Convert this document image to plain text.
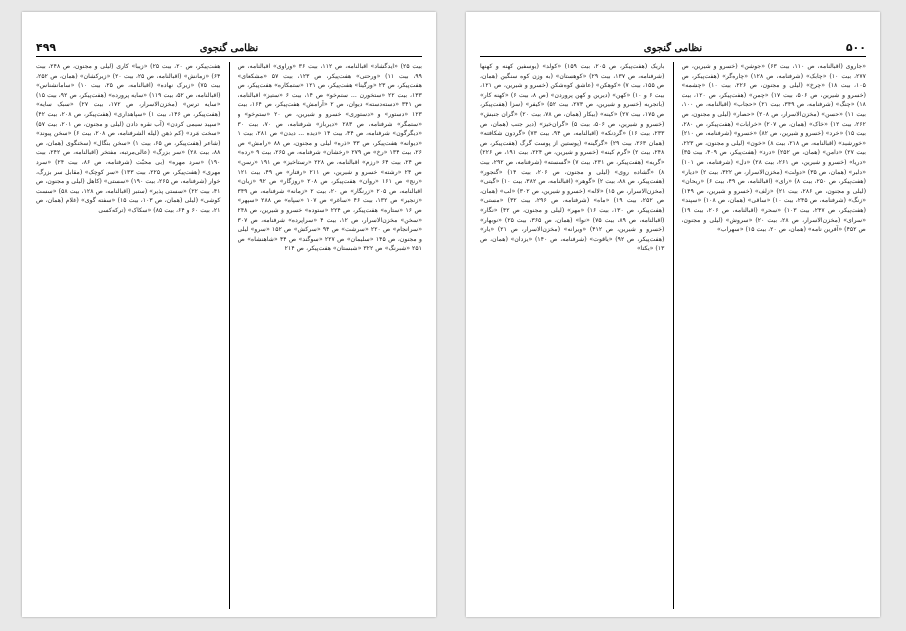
۴۹۹	نظامی گنجوی
بیت ۲۵) «ایدگشاد» اقبالنامه، ص ۱۱۲، بیت ۳۶ «وراوی» اقبالنامه، ص ۹۹، بیت ۱۱) «ورحتی» هفت‌پیکر، ص ۱۲۳، بیت ۵۷ «مشکعای» هفت‌پیکر، ص ۲۳ «ورگینا» هفت‌پیکر، ص ۱۲۱ «ستمکاره» هفت‌پیکر، ص ۱۳۳، بیت ۲۲ «ستخورن ... ستم‌خو» ص ۱۴، بیت ۶ «ستیز» اقبالنامه، ص ۳۴۱ «دسته‌دسته» دیوان، ص ۲ «آرامش» هفت‌پیکر، ص ۱۶۴، بیت ۱۲۳ «دستور» و «دستوری» خسرو و شیرین، ص ۲۰ «ستم‌خو» و «ستمگر» شرفنامه، ص ۲۸۳ «دیرباز» شرفنامه، ص ۷۰، بیت ۳۰ «دیگرگون» شرفنامه، ص ۴۴، بیت ۱۴ «دیده ... دیدن» ص ۲۸۱، بیت ۱ «دیوانه» هفت‌پیکر، ص ۳۳ «ذره» لیلی و مجنون، ص ۸۸ «رامش» ص ۲۶، بیت ۱۳۴ «رخ» ص ۲۷۹ «رخشان» شرفنامه، ص ۲۶۵، بیت ۹ «رده» ص ۲۴، بیت ۶۴ «رزم» اقبالنامه، ص ۲۲۸ «رستاخیز» ص ۱۹۱ «رسن» ص ۲۴ «رشته» خسرو و شیرین، ص ۲۱۱ «رفتار» ص ۴۹، بیت ۱۲۱ «رنج» ص ۱۶۱ «روان» هفت‌پیکر، ص ۲۰۸ «روزگار» ص ۹۲ «زبان» اقبالنامه، ص ۲۰۵ «زرنگار» ص ۲۰، بیت ۲ «زمانه» شرفنامه، ص ۳۴۹ «زنجیر» ص ۱۳۲، بیت ۴۶ «ساغر» ص ۱۰۷ «سپاه» ص ۲۸۸ «سپهر» ص ۱۶ «ستاره» هفت‌پیکر، ص ۲۲۴ «ستوده» خسرو و شیرین، ص ۲۴۸ «سخن» مخزن‌الاسرار، ص ۱۲، بیت ۴ «سراپرده» شرفنامه، ص ۳۰۷ «سرانجام» ص ۲۲۰ «سرشت» ص ۹۴ «سرکش» ص ۱۵۲ «سرو» لیلی و مجنون، ص ۱۴۵ «سلیمان» ص ۲۲۷ «سوگند» ص ۴۴ «شاهنشاه» ص ۲۵۱ «شبرنگ» ص ۳۲۲ «شبستان» هفت‌پیکر، ص ۲۱۴
هفت‌پیکر، ص ۲۰، بیت ۲۵) «زیبا» کاری (لیلی و مجنون، ص ۲۴۸، بیت ۶۴) «زمانش» (اقبالنامه، ص ۲۵، بیت ۲۰) «زیرکشان» (همان، ص ۲۵۲، بیت ۷۵) «زیرک نهاده» (اقبالنامه، ص ۲۵، بیت ۱۰) «سامانشناس» (اقبالنامه، ص ۵۲، بیت ۱۱۹) «سایه پرورده» (هفت‌پیکر، ص ۹۲، بیت ۱۵) «سایه ترس» (مخزن‌الاسرار، ص ۱۷۲، بیت ۲۷) «سبک سایه» (هفت‌پیکر، ص ۱۴۶، بیت ۱) «سپاهداری» (هفت‌پیکر، ص ۲۰۸، بیت ۴۲) «سپید سیمی کردن» (آب نقره دادن (لیلی و مجنون، ص ۲۰۱، بیت ۵۷) «سخت مَرد» (کم ذهن (لیله الشرفنامه، ص ۲۰۸، بیت ۶) «سخن پیوند» (شاعر (هفت‌پیکر، ص ۶۵، بیت ۱) «سخن بنگال» (سخنگوی (همان، ص ۸۸، بیت ۲۸) «سر بزرگ» (عالی‌مرتبه، مفتخر (اقبالنامه، ص ۲۴۲، بیت ۱۹۰) «سرد مهره» (بی‌ محبّت (شرفنامه، ص ۸۶، بیت ۲۴) «سرد مهری» (هفت‌پیکر، ص ۲۲۵، بیت ۱۳۳) «سر کوچک» (مقابل سر بزرگ، خوار (شرفنامه، ص ۲۶۵، بیت ۱۹۰) «سستی» (کاهل (لیلی و مجنون، ص ۴۱، بیت ۲۲) «سستی پذیر» (ستبر (اقبالنامه، ص ۱۲۸، بیت ۵۸) «سست کوشی» (لیلی (همان، ص ۱۰۳، بیت ۱۵) «سفته گوی» (غلام (همان، ص ۲۱، بیت ۶۰ و ۶۴، بیت ۸۵) «سکاک» (ترکه‌کسی
۵۰۰
نظامی گنجوی
«جاروی (اقبالنامه، ص ۱۱۰، بیت ۶۳) «جوشن» (خسرو و شیرین، ص ۲۷۷، بیت ۱۰) «چابک» (شرفنامه، ص ۱۲۸) «چاره‌گر» (هفت‌پیکر، ص ۱۰۵، بیت ۱۸) «چرخ» (لیلی و مجنون، ص ۲۲۶، بیت ۱۰) «چشمه» (خسرو و شیرین، ص ۵۰۶، بیت ۱۷) «چمن» (هفت‌پیکر، ص ۱۲۰، بیت ۱۸) «چنگ» (شرفنامه، ص ۳۴۹، بیت ۲۱) «حجاب» (اقبالنامه، ص ۱۰۰، بیت ۱۱) «حسن» (مخزن‌الاسرار، ص ۲۰۸) «حصار» (لیلی و مجنون، ص ۲۶۲، بیت ۱۲) «خاک» (همان، ص ۲۰۷) «خرابات» (هفت‌پیکر، ص ۲۸۰، بیت ۱۵) «خرد» (خسرو و شیرین، ص ۸۲) «خسرو» (شرفنامه، ص ۲۱۰) «خورشید» (اقبالنامه، ص ۲۱۸، بیت ۸) «خون» (لیلی و مجنون، ص ۲۲۳، بیت ۲۷) «دامن» (همان، ص ۲۵۲) «درد» (هفت‌پیکر، ص ۴۰۹، بیت ۳۵) «دریا» (خسرو و شیرین، ص ۲۶۱، بیت ۲۸) «دل» (شرفنامه، ص ۱۰۱) «دلبر» (همان، ص ۳۵) «دولت» (مخزن‌الاسرار، ص ۳۲۲، بیت ۲) «دیار» (هفت‌پیکر، ص ۲۵۰، بیت ۸) «رای» (اقبالنامه، ص ۴۹، بیت ۶) «ریحان» (لیلی و مجنون، ص ۲۸۶، بیت ۲۱) «زلف» (خسرو و شیرین، ص ۱۴۹) «زنگ» (شرفنامه، ص ۲۴۵، بیت ۱۰) «ساقی» (همان، ص ۱۰۸) «سپند» (هفت‌پیکر، ص ۲۴۷، بیت ۱۰۳) «سحر» (اقبالنامه، ص ۲۰۶، بیت ۱۹) «سرای» (مخزن‌الاسرار، ص ۲۸، بیت ۲۰) «سروش» (لیلی و مجنون، ص ۴۵۲) «آفرین نامه» (همان، ص ۲۰، بیت ۱۵) «سهراب»
باریک (هفت‌پیکر، ص ۲۰۵، بیت ۱۵۹) «کولد» (یوسفین کهنه و کهنها (شرفنامه، ص ۱۳۷، بیت ۲۹) «کوهستان» (به وزن کوه سنگین (همان، ص ۱۵۵، بیت ۷) «کوهکن» (عاشق کوه‌شکن (خسرو و شیرین، ص ۱۲۱، بیت ۶ و ۱۰) «کهن» (دیرین و کهن پروردن» (ص ۸، بیت ۶) «کهنه کار» (باتجربه (خسرو و شیرین، ص ۲۷۳، بیت ۵۲) «کیفر» (سزا (هفت‌پیکر، ص ۱۷۵، بیت ۲۷) «کینه» (بیکار (همان، ص ۷۸، بیت ۲۰) «گران جنبش» (خسرو و شیرین، ص ۵۰۶، بیت ۵) «گران‌خیز» (دیر جنب (همان، ص ۲۳۳، بیت ۱۶) «گردنکه» (اقبالنامه، ص ۹۴، بیت ۷۳) «گردون شکافته» (همان ۲۶۳، بیت ۲۹) «گرگینه» (پوستین از پوست گرگ (هفت‌پیکر، ص ۲۴۸، بیت ۲) «گرم کینه» (خسرو و شیرین، ص ۲۲۴، بیت ۱۹۱، ص ۲۲۶) «گریه» (هفت‌پیکر، ص ۲۳۱، بیت ۷) «گسسته» (شرفنامه، ص ۲۹۲، بیت ۸) «گشاده روی» (لیلی و مجنون، ص ۲۰۶، بیت ۱۴) «گنجور» (هفت‌پیکر، ص ۸۸، بیت ۲) «گوهر» (اقبالنامه، ص ۳۸۲، بیت ۱۰) «گیتی» (مخزن‌الاسرار، ص ۱۵) «لاله» (خسرو و شیرین، ص ۳۰۲) «لب» (همان، ص ۲۵۲، بیت ۱۹) «ماه» (شرفنامه، ص ۲۹۶، بیت ۳۲) «مستی» (هفت‌پیکر، ص ۱۳۰، بیت ۱۶) «مهر» (لیلی و مجنون، ص ۴۲) «نگار» (اقبالنامه، ص ۸۹، بیت ۷۵) «نوا» (همان، ص ۳۶۵، بیت ۲۵) «نوبهار» (خسرو و شیرین، ص ۴۱۲) «ویرانه» (مخزن‌الاسرار، ص ۲۱) «یار» (هفت‌پیکر، ص ۹۲) «یاقوت» (شرفنامه، ص ۱۴۰) «یزدان» (همان، ص ۱۳) «یکتا»
